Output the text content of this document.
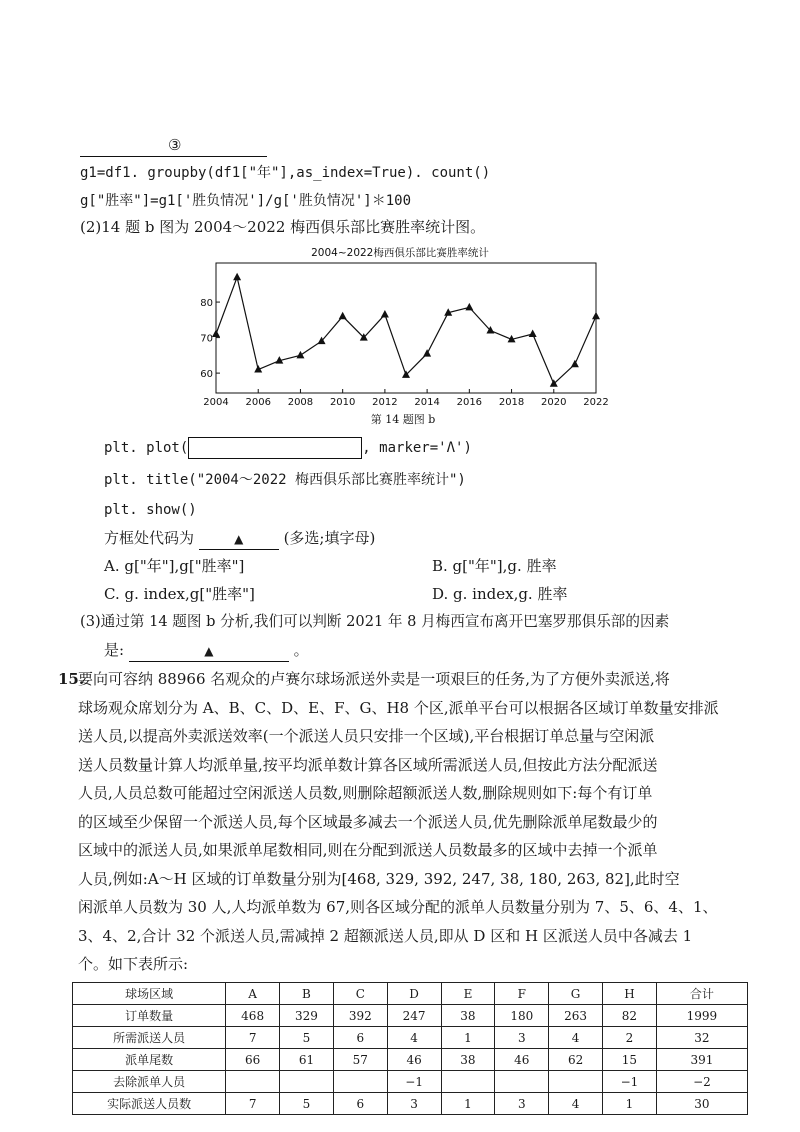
③
g1=df1. groupby(df1["年"],as_index=True). count()
g["胜率"]=g1['胜负情况']/g['胜负情况']＊100
(2)14 题 b 图为 2004～2022 梅西俱乐部比赛胜率统计图。
2004~2022梅西俱乐部比赛胜率统计
2004 2006 2008 2010 2012 2014 2016 2018 2020 2022
60
70
80
第 14 题图 b
plt. plot(	, marker='Λ')
plt. title("2004～2022 梅西俱乐部比赛胜率统计")
plt. show()
方框处代码为	▲	(多选;填字母)
A. g["年"],g["胜率"]	B. g["年"],g. 胜率
C. g. index,g["胜率"]	D. g. index,g. 胜率
(3)通过第 14 题图 b 分析,我们可以判断 2021 年 8 月梅西宣布离开巴塞罗那俱乐部的因素
是:	▲	。
15.

要向可容纳 88966 名观众的卢赛尔球场派送外卖是一项艰巨的任务,为了方便外卖派送,将

球场观众席划分为 A、B、C、D、E、F、G、H8 个区,派单平台可以根据各区域订单数量安排派

送人员,以提高外卖派送效率(一个派送人员只安排一个区域),平台根据订单总量与空闲派

送人员数量计算人均派单量,按平均派单数计算各区域所需派送人员,但按此方法分配派送

人员,人员总数可能超过空闲派送人员数,则删除超额派送人数,删除规则如下:每个有订单

的区域至少保留一个派送人员,每个区域最多减去一个派送人员,优先删除派单尾数最少的

区域中的派送人员,如果派单尾数相同,则在分配到派送人员数最多的区域中去掉一个派单

人员,例如:A～H 区域的订单数量分别为[468, 329, 392, 247, 38, 180, 263, 82],此时空

闲派单人员数为 30 人,人均派单数为 67,则各区域分配的派单人员数量分别为 7、5、6、4、1、

3、4、2,合计 32 个派送人员,需减掉 2 超额派送人员,即从 D 区和 H 区派送人员中各减去 1

个。如下表所示:

球场区域	A	B	C	D	E	F	G	H	合计
订单数量	468	329	392	247	38	180	263	82	1999
所需派送人员	7	5	6	4	1	3	4	2	32
派单尾数	66	61	57	46	38	46	62	15	391
去除派单人员				−1				−1	−2
实际派送人员数	7	5	6	3	1	3	4	1	30
